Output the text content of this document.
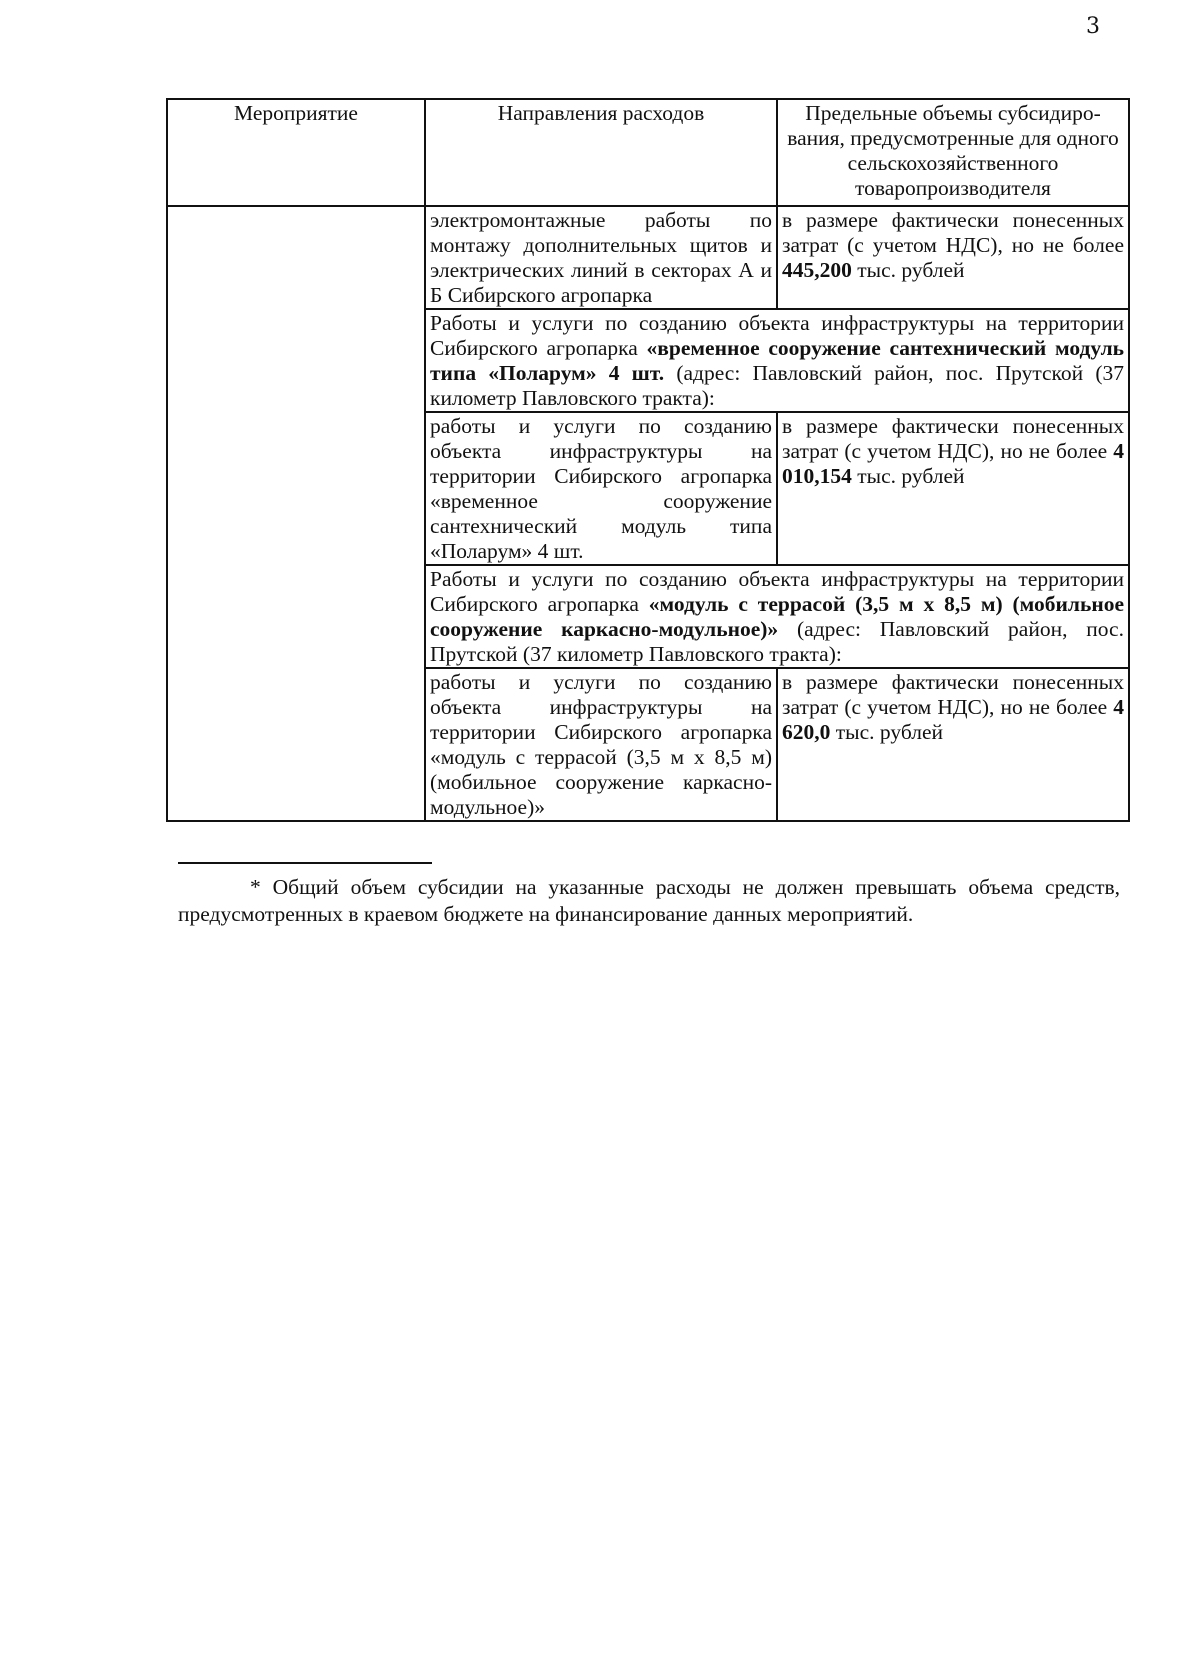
3
Мероприятие	Направления расходов	Предельные объемы субсидиро-вания, предусмотренные для одного сельскохозяйственного товаропроизводителя
	электромонтажные работы по монтажу дополнительных щитов и электрических линий в секторах А и Б Сибирского агропарка	в размере фактически понесенных затрат (с учетом НДС), но не более 445,200 тыс. рублей
	Работы и услуги по созданию объекта инфраструктуры на территории Сибирского агропарка «временное сооружение сантехнический модуль типа «Поларум» 4 шт. (адрес: Павловский район, пос. Прутской (37 километр Павловского тракта):	
	работы и услуги по созданию объекта инфраструктуры на территории Сибирского агропарка «временное сооружение сантехнический модуль типа «Поларум» 4 шт.	в размере фактически понесенных затрат (с учетом НДС), но не более 4 010,154 тыс. рублей
	Работы и услуги по созданию объекта инфраструктуры на территории Сибирского агропарка «модуль с террасой (3,5 м х 8,5 м) (мобильное сооружение каркасно-модульное)» (адрес: Павловский район, пос. Прутской (37 километр Павловского тракта):	
	работы и услуги по созданию объекта инфраструктуры на территории Сибирского агропарка «модуль с террасой (3,5 м х 8,5 м) (мобильное сооружение каркасно-модульное)»	в размере фактически понесенных затрат (с учетом НДС), но не более 4 620,0 тыс. рублей
* Общий объем субсидии на указанные расходы не должен превышать объема средств, предусмотренных в краевом бюджете на финансирование данных мероприятий.
